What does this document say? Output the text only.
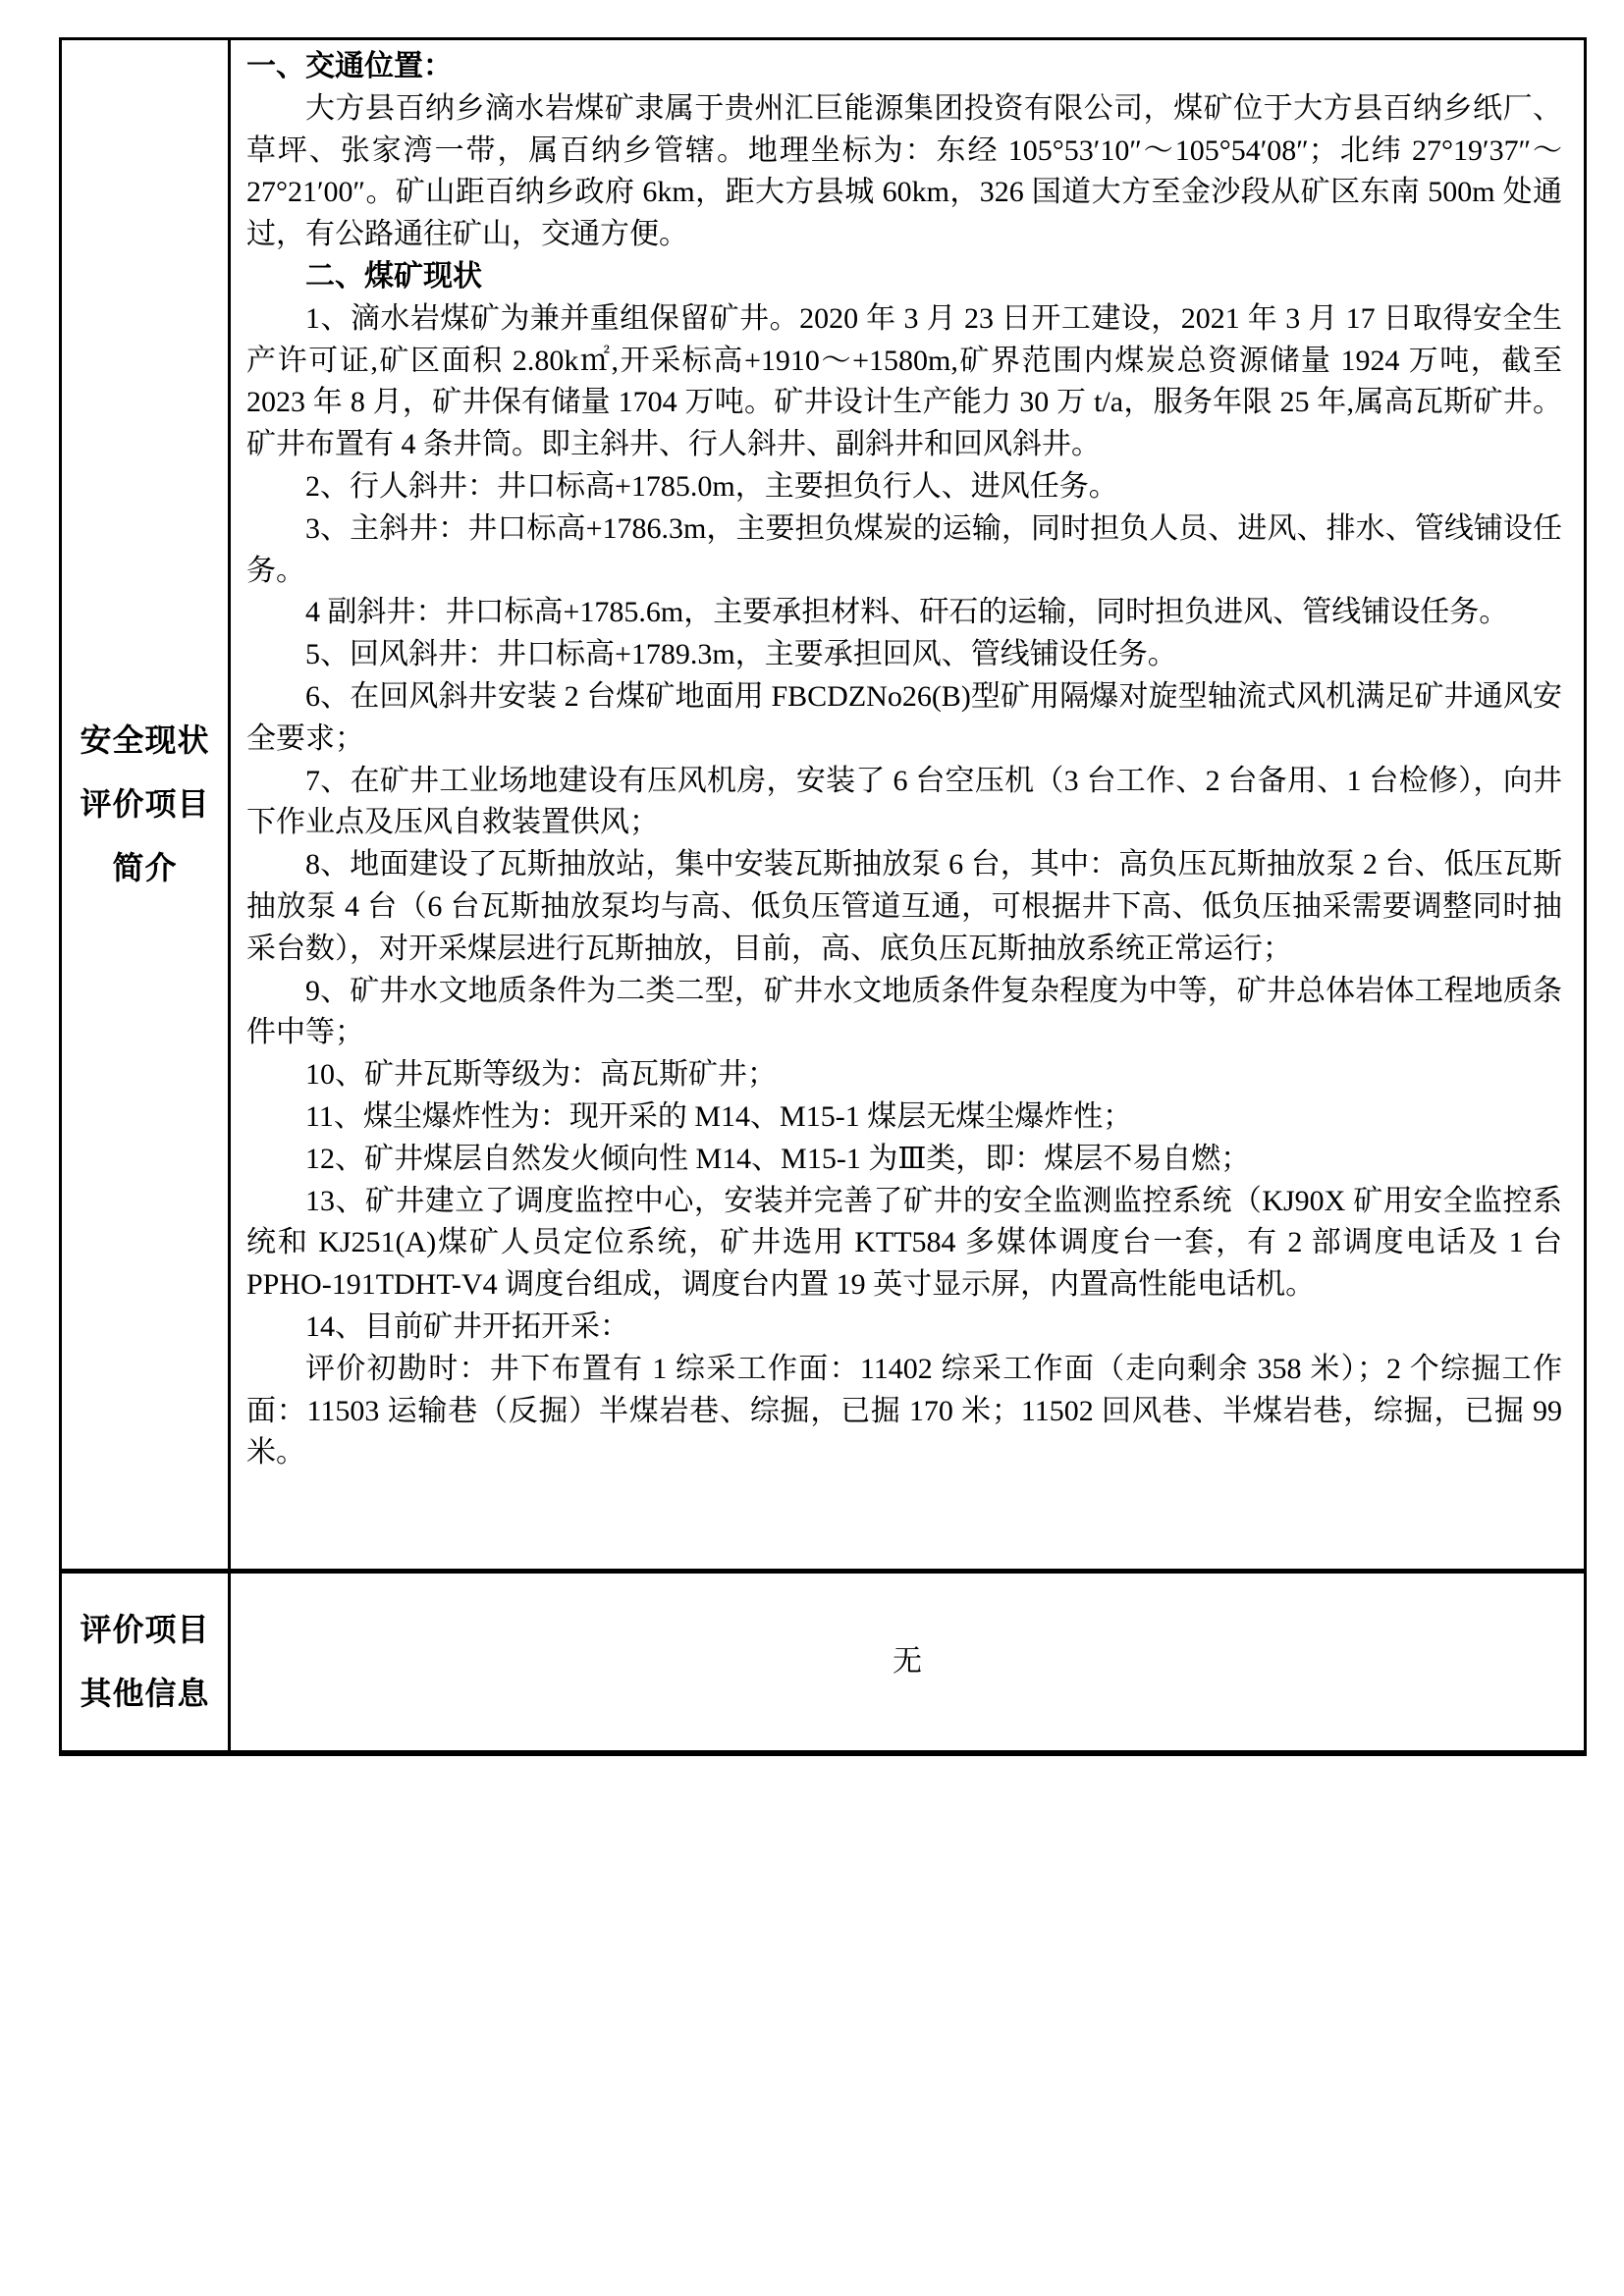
安全现状
评价项目
简介

一、交通位置：

大方县百纳乡滴水岩煤矿隶属于贵州汇巨能源集团投资有限公司，煤矿位于大方县百纳乡纸厂、草坪、张家湾一带，属百纳乡管辖。地理坐标为：东经 105°53′10″～105°54′08″；北纬 27°19′37″～27°21′00″。矿山距百纳乡政府 6km，距大方县城 60km，326 国道大方至金沙段从矿区东南 500m 处通过，有公路通往矿山，交通方便。

二、煤矿现状

1、滴水岩煤矿为兼并重组保留矿井。2020 年 3 月 23 日开工建设，2021 年 3 月 17 日取得安全生产许可证,矿区面积 2.80k㎡,开采标高+1910～+1580m,矿界范围内煤炭总资源储量 1924 万吨，截至 2023 年 8 月，矿井保有储量 1704 万吨。矿井设计生产能力 30 万 t/a，服务年限 25 年,属高瓦斯矿井。矿井布置有 4 条井筒。即主斜井、行人斜井、副斜井和回风斜井。

2、行人斜井：井口标高+1785.0m，主要担负行人、进风任务。

3、主斜井：井口标高+1786.3m，主要担负煤炭的运输，同时担负人员、进风、排水、管线铺设任务。

4 副斜井：井口标高+1785.6m，主要承担材料、矸石的运输，同时担负进风、管线铺设任务。

5、回风斜井：井口标高+1789.3m，主要承担回风、管线铺设任务。

6、在回风斜井安装 2 台煤矿地面用 FBCDZNo26(B)型矿用隔爆对旋型轴流式风机满足矿井通风安全要求；

7、在矿井工业场地建设有压风机房，安装了 6 台空压机（3 台工作、2 台备用、1 台检修），向井下作业点及压风自救装置供风；

8、地面建设了瓦斯抽放站，集中安装瓦斯抽放泵 6 台，其中：高负压瓦斯抽放泵 2 台、低压瓦斯抽放泵 4 台（6 台瓦斯抽放泵均与高、低负压管道互通，可根据井下高、低负压抽采需要调整同时抽采台数），对开采煤层进行瓦斯抽放，目前，高、底负压瓦斯抽放系统正常运行；

9、矿井水文地质条件为二类二型，矿井水文地质条件复杂程度为中等，矿井总体岩体工程地质条件中等；

10、矿井瓦斯等级为：高瓦斯矿井；

11、煤尘爆炸性为：现开采的 M14、M15-1 煤层无煤尘爆炸性；

12、矿井煤层自然发火倾向性 M14、M15-1 为Ⅲ类，即：煤层不易自燃；

13、矿井建立了调度监控中心，安装并完善了矿井的安全监测监控系统（KJ90X 矿用安全监控系统和 KJ251(A)煤矿人员定位系统，矿井选用 KTT584 多媒体调度台一套，有 2 部调度电话及 1 台 PPHO-191TDHT-V4 调度台组成，调度台内置 19 英寸显示屏，内置高性能电话机。

14、目前矿井开拓开采：

评价初勘时：井下布置有 1 综采工作面：11402 综采工作面（走向剩余 358 米）；2 个综掘工作面：11503 运输巷（反掘）半煤岩巷、综掘，已掘 170 米；11502 回风巷、半煤岩巷，综掘，已掘 99 米。

评价项目
其他信息
无
